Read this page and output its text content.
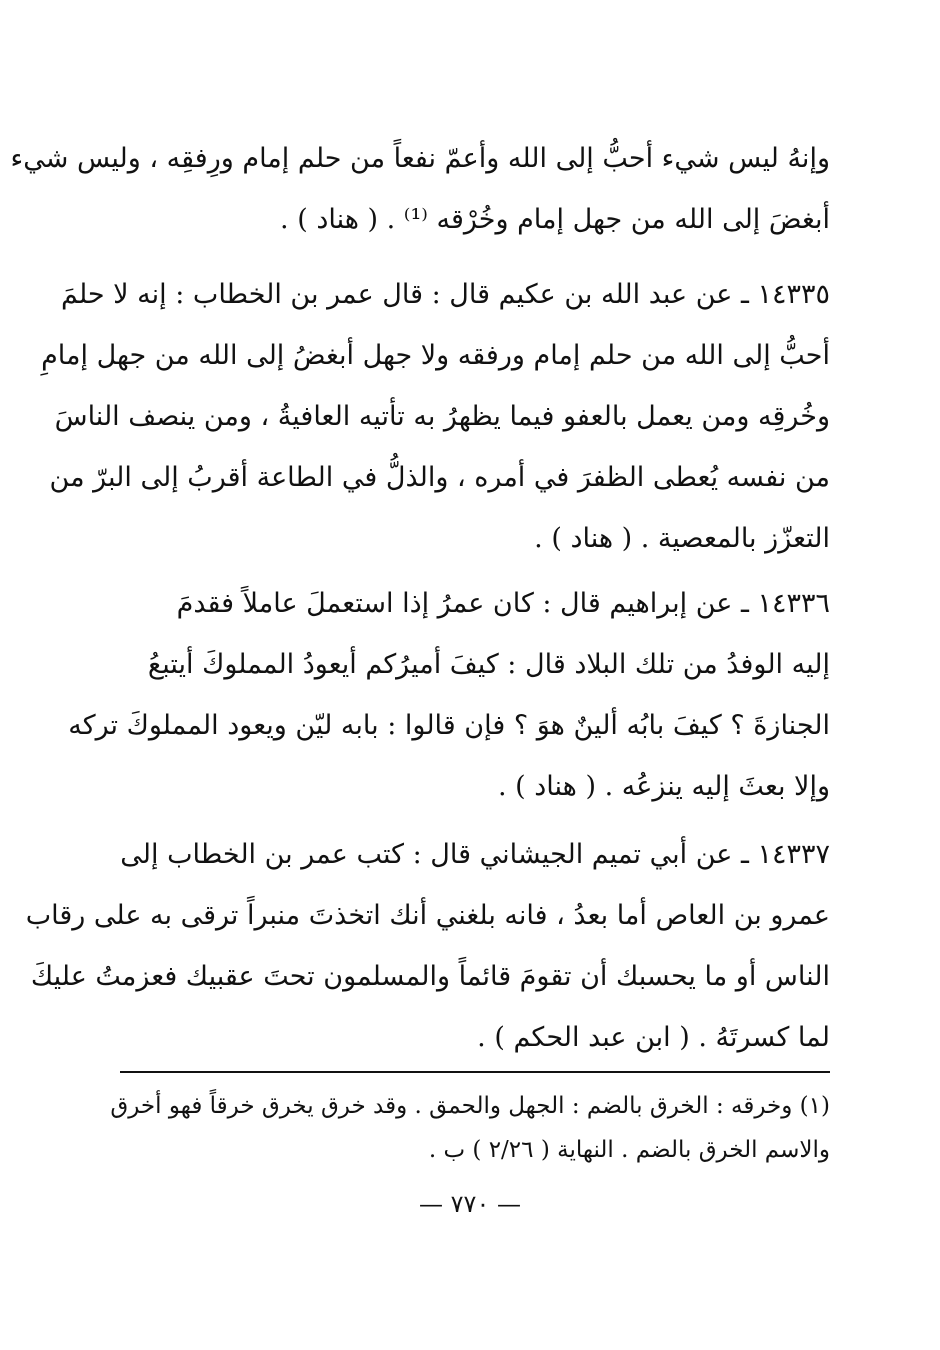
وإنهُ ليس شيء أحبُّ إلى الله وأعمّ نفعاً من حلم إمام ورِفقِه ، وليس شيء
أبغضَ إلى الله من جهل إمام وخُرْقه ⁽¹⁾ . ( هناد ) .

١٤٣٣٥ ـ عن عبد الله بن عكيم قال : قال عمر بن الخطاب : إنه لا حلمَ
أحبُّ إلى الله من حلم إمام ورفقه ولا جهل أبغضُ إلى الله من جهل إمامِ
وخُرقِه ومن يعمل بالعفو فيما يظهرُ به تأتيه العافيةُ ، ومن ينصف الناسَ
من نفسه يُعطى الظفرَ في أمره ، والذلُّ في الطاعة أقربُ إلى البرّ من
التعزّز بالمعصية . ( هناد ) .

١٤٣٣٦ ـ عن إبراهيم قال : كان عمرُ إذا استعملَ عاملاً فقدمَ
إليه الوفدُ من تلك البلاد قال : كيفَ أميرُكم أيعودُ المملوكَ أيتبعُ
الجنازةَ ؟ كيفَ بابُه ألينٌ هوَ ؟ فإن قالوا : بابه ليّن ويعود المملوكَ تركه
وإلا بعثَ إليه ينزعُه . ( هناد ) .

١٤٣٣٧ ـ عن أبي تميم الجيشاني قال : كتب عمر بن الخطاب إلى
عمرو بن العاص أما بعدُ ، فانه بلغني أنك اتخذتَ منبراً ترقى به على رقاب
الناس أو ما يحسبك أن تقومَ قائماً والمسلمون تحتَ عقبيك فعزمتُ عليكَ
لما كسرتَهُ . ( ابن عبد الحكم ) .

(١) وخرقه : الخرق بالضم : الجهل والحمق . وقد خرق يخرق خرقاً فهو أخرق
والاسم الخرق بالضم . النهاية ( ٢/٢٦ ) ب .

— ٧٧٠ —
